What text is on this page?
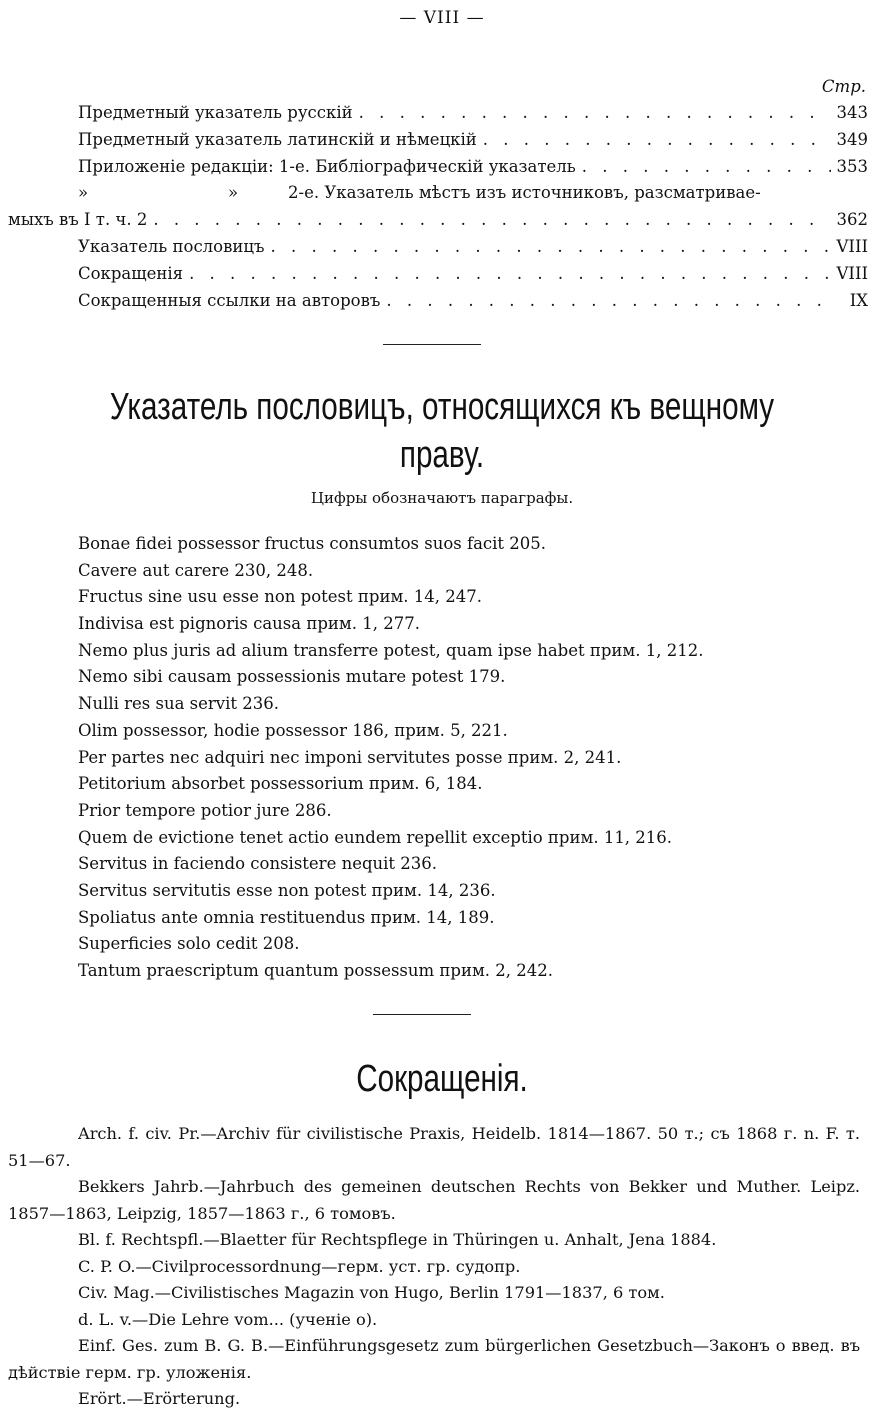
— VIII —
Стр.
Предметный указатель русскій . . .	343
Предметный указатель латинскій и нѣмецкій . . .	349
Приложеніе редакціи: 1-е. Библіографическій указатель . . .	353
»	»	2-е. Указатель мѣстъ изъ источниковъ, разсматривае-
мыхъ въ I т. ч. 2 . . .	362
Указатель пословицъ . . .	VIII
Сокращенія . . .	VIII
Сокращенныя ссылки на авторовъ . . .	IX
Указатель пословицъ, относящихся къ вещному
праву.
Цифры обозначаютъ параграфы.
Bonae fidei possessor fructus consumtos suos facit 205.
Cavere aut carere 230, 248.
Fructus sine usu esse non potest прим. 14, 247.
Indivisa est pignoris causa прим. 1, 277.
Nemo plus juris ad alium transferre potest, quam ipse habet прим. 1, 212.
Nemo sibi causam possessionis mutare potest 179.
Nulli res sua servit 236.
Olim possessor, hodie possessor 186, прим. 5, 221.
Per partes nec adquiri nec imponi servitutes posse прим. 2, 241.
Petitorium absorbet possessorium прим. 6, 184.
Prior tempore potior jure 286.
Quem de evictione tenet actio eundem repellit exceptio прим. 11, 216.
Servitus in faciendo consistere nequit 236.
Servitus servitutis esse non potest прим. 14, 236.
Spoliatus ante omnia restituendus прим. 14, 189.
Superficies solo cedit 208.
Tantum praescriptum quantum possessum прим. 2, 242.
Сокращенія.
Arch. f. civ. Pr.—Archiv für civilistische Praxis, Heidelb. 1814—1867. 50 т.; съ 1868 г. n. F. т. 51—67.
Bekkers Jahrb.—Jahrbuch des gemeinen deutschen Rechts von Bekker und Muther. Leipz. 1857—1863, Leipzig, 1857—1863 г., 6 томовъ.
Bl. f. Rechtspfl.—Blaetter für Rechtspflege in Thüringen u. Anhalt, Jena 1884.
C. P. O.—Civilprocessordnung—герм. уст. гр. судопр.
Civ. Mag.—Civilistisches Magazin von Hugo, Berlin 1791—1837, 6 том.
d. L. v.—Die Lehre vom... (ученіе о).
Einf. Ges. zum B. G. B.—Einführungsgesetz zum bürgerlichen Gesetzbuch—Законъ о введ. въ дѣйствіе герм. гр. уложенія.
Erört.—Erörterung.
